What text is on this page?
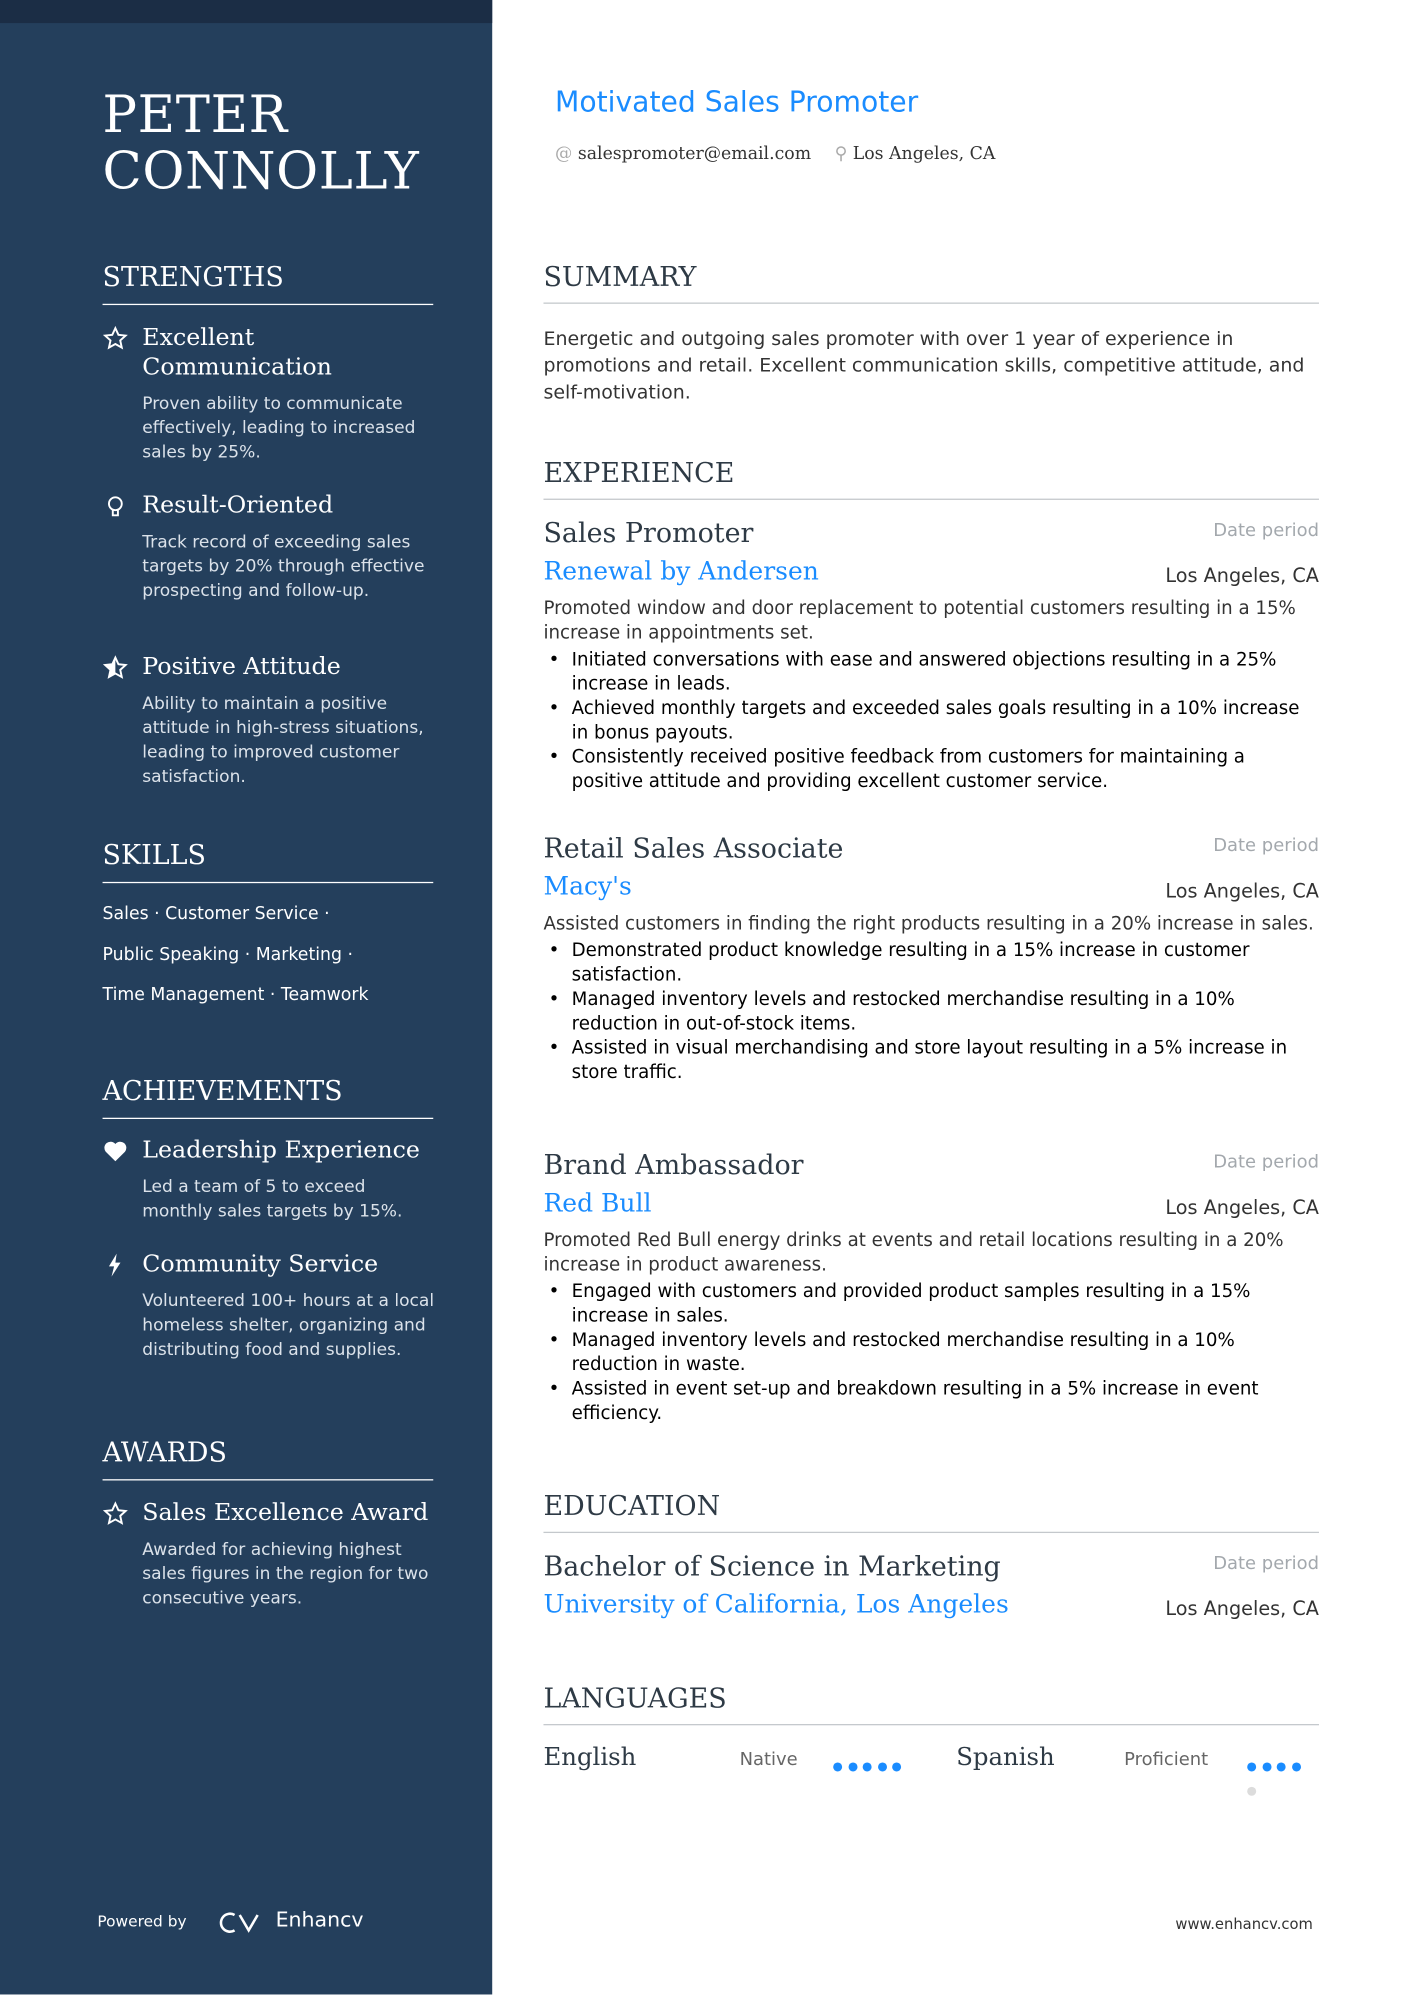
PETER
CONNOLLY
STRENGTHS
Excellent Communication
Proven ability to communicate effectively, leading to increased sales by 25%.
Result-Oriented
Track record of exceeding sales targets by 20% through effective prospecting and follow-up.
Positive Attitude
Ability to maintain a positive attitude in high-stress situations, leading to improved customer satisfaction.
SKILLS
Sales · Customer Service ·
Public Speaking · Marketing ·
Time Management · Teamwork
ACHIEVEMENTS
Leadership Experience
Led a team of 5 to exceed monthly sales targets by 15%.
Community Service
Volunteered 100+ hours at a local homeless shelter, organizing and distributing food and supplies.
AWARDS
Sales Excellence Award
Awarded for achieving highest sales figures in the region for two consecutive years.
Powered by	Enhancv
Motivated Sales Promoter
@ salespromoter@email.com ⚲ Los Angeles, CA
SUMMARY
Energetic and outgoing sales promoter with over 1 year of experience in promotions and retail. Excellent communication skills, competitive attitude, and self-motivation.
EXPERIENCE
Sales Promoter	Date period
Renewal by Andersen	Los Angeles, CA
Promoted window and door replacement to potential customers resulting in a 15% increase in appointments set.
• Initiated conversations with ease and answered objections resulting in a 25% increase in leads.
• Achieved monthly targets and exceeded sales goals resulting in a 10% increase in bonus payouts.
• Consistently received positive feedback from customers for maintaining a positive attitude and providing excellent customer service.
Retail Sales Associate	Date period
Macy's	Los Angeles, CA
Assisted customers in finding the right products resulting in a 20% increase in sales.
• Demonstrated product knowledge resulting in a 15% increase in customer satisfaction.
• Managed inventory levels and restocked merchandise resulting in a 10% reduction in out-of-stock items.
• Assisted in visual merchandising and store layout resulting in a 5% increase in store traffic.
Brand Ambassador	Date period
Red Bull	Los Angeles, CA
Promoted Red Bull energy drinks at events and retail locations resulting in a 20% increase in product awareness.
• Engaged with customers and provided product samples resulting in a 15% increase in sales.
• Managed inventory levels and restocked merchandise resulting in a 10% reduction in waste.
• Assisted in event set-up and breakdown resulting in a 5% increase in event efficiency.
EDUCATION
Bachelor of Science in Marketing	Date period
University of California, Los Angeles	Los Angeles, CA
LANGUAGES
English	Native	Spanish	Proficient
www.enhancv.com
